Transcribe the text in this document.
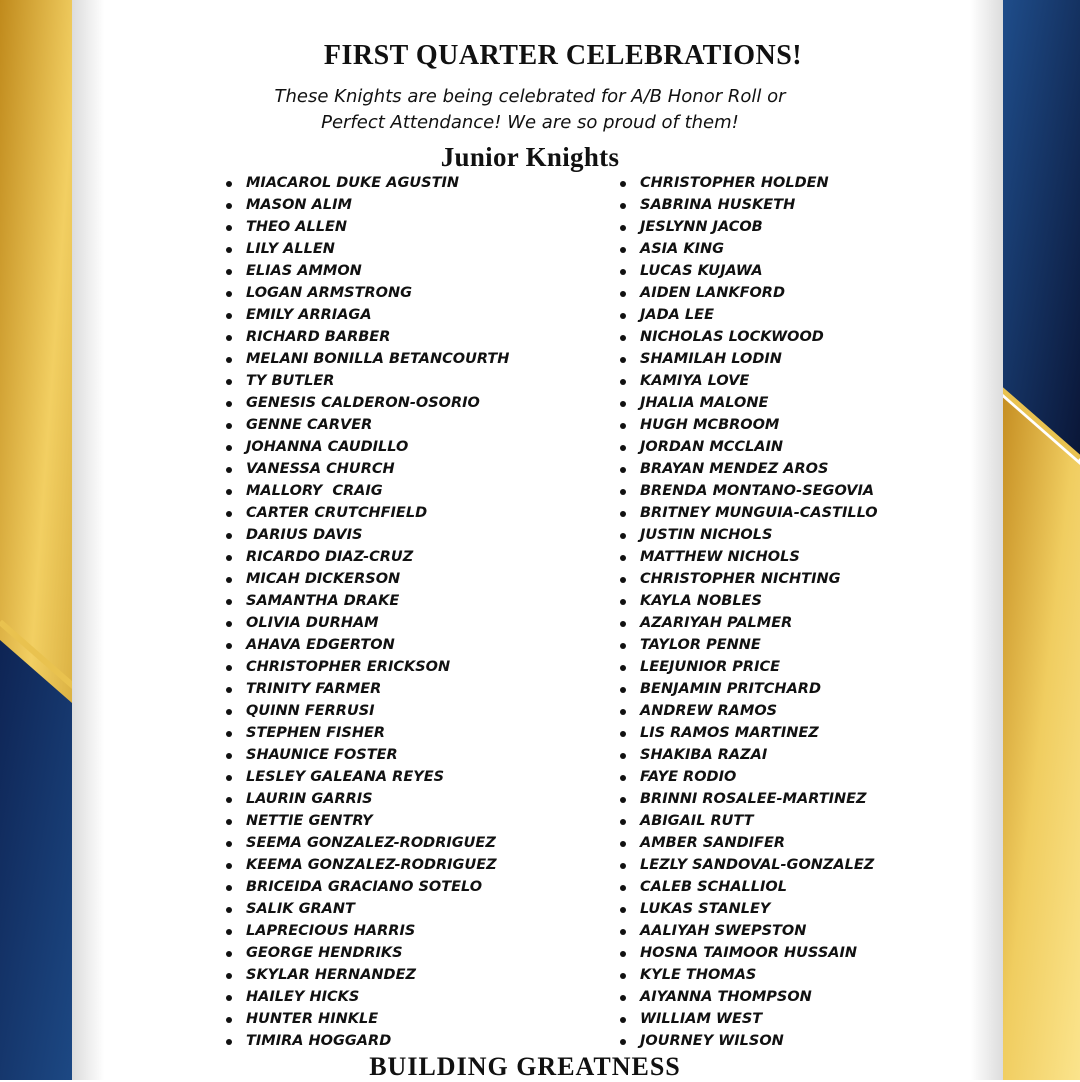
FIRST QUARTER CELEBRATIONS!
These Knights are being celebrated for A/B Honor Roll or
Perfect Attendance! We are so proud of them!
Junior Knights
MIACAROL DUKE AGUSTIN
MASON ALIM
THEO ALLEN
LILY ALLEN
ELIAS AMMON
LOGAN ARMSTRONG
EMILY ARRIAGA
RICHARD BARBER
MELANI BONILLA BETANCOURTH
TY BUTLER
GENESIS CALDERON-OSORIO
GENNE CARVER
JOHANNA CAUDILLO
VANESSA CHURCH
MALLORY  CRAIG
CARTER CRUTCHFIELD
DARIUS DAVIS
RICARDO DIAZ-CRUZ
MICAH DICKERSON
SAMANTHA DRAKE
OLIVIA DURHAM
AHAVA EDGERTON
CHRISTOPHER ERICKSON
TRINITY FARMER
QUINN FERRUSI
STEPHEN FISHER
SHAUNICE FOSTER
LESLEY GALEANA REYES
LAURIN GARRIS
NETTIE GENTRY
SEEMA GONZALEZ-RODRIGUEZ
KEEMA GONZALEZ-RODRIGUEZ
BRICEIDA GRACIANO SOTELO
SALIK GRANT
LAPRECIOUS HARRIS
GEORGE HENDRIKS
SKYLAR HERNANDEZ
HAILEY HICKS
HUNTER HINKLE
TIMIRA HOGGARD
CHRISTOPHER HOLDEN
SABRINA HUSKETH
JESLYNN JACOB
ASIA KING
LUCAS KUJAWA
AIDEN LANKFORD
JADA LEE
NICHOLAS LOCKWOOD
SHAMILAH LODIN
KAMIYA LOVE
JHALIA MALONE
HUGH MCBROOM
JORDAN MCCLAIN
BRAYAN MENDEZ AROS
BRENDA MONTANO-SEGOVIA
BRITNEY MUNGUIA-CASTILLO
JUSTIN NICHOLS
MATTHEW NICHOLS
CHRISTOPHER NICHTING
KAYLA NOBLES
AZARIYAH PALMER
TAYLOR PENNE
LEEJUNIOR PRICE
BENJAMIN PRITCHARD
ANDREW RAMOS
LIS RAMOS MARTINEZ
SHAKIBA RAZAI
FAYE RODIO
BRINNI ROSALEE-MARTINEZ
ABIGAIL RUTT
AMBER SANDIFER
LEZLY SANDOVAL-GONZALEZ
CALEB SCHALLIOL
LUKAS STANLEY
AALIYAH SWEPSTON
HOSNA TAIMOOR HUSSAIN
KYLE THOMAS
AIYANNA THOMPSON
WILLIAM WEST
JOURNEY WILSON
BUILDING GREATNESS
